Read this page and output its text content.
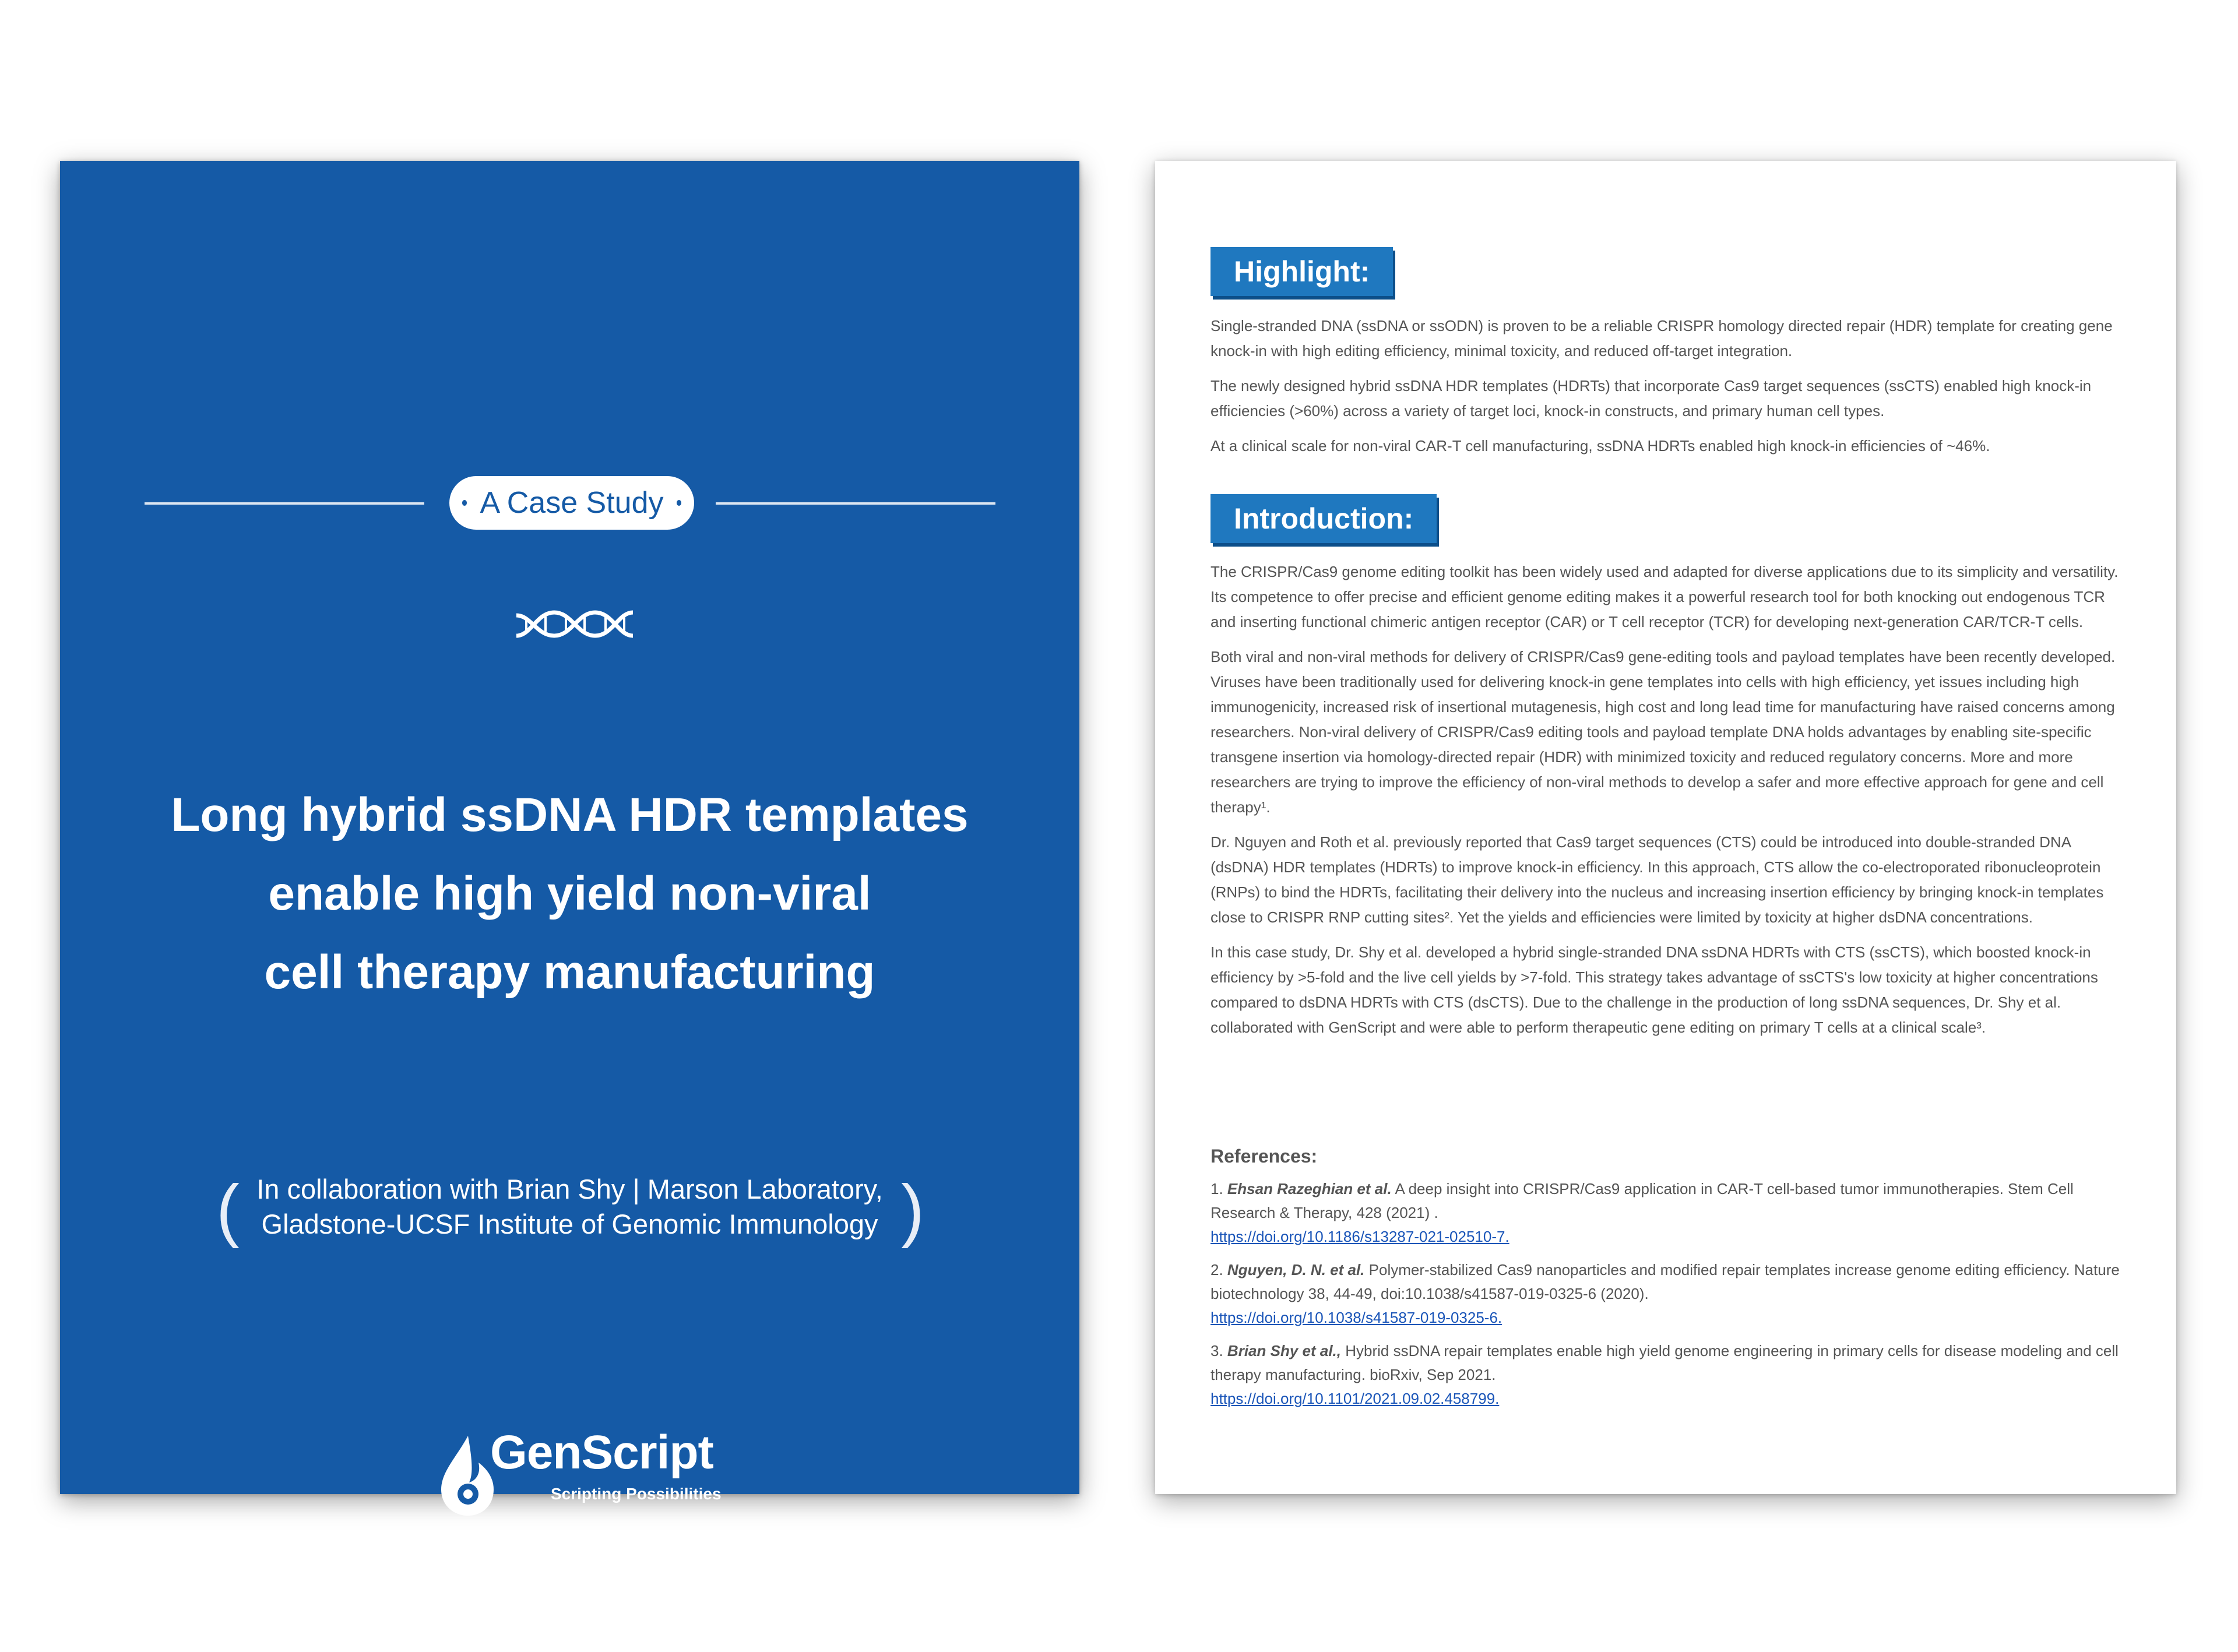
A Case Study
Long hybrid ssDNA HDR templates
enable high yield non-viral
cell therapy manufacturing
( In collaboration with Brian Shy | Marson Laboratory,
Gladstone-UCSF Institute of Genomic Immunology )
GenScript
Scripting Possibilities
Highlight:

Single-stranded DNA (ssDNA or ssODN) is proven to be a reliable CRISPR homology directed repair (HDR) template for creating gene knock-in with high editing efficiency, minimal toxicity, and reduced off-target integration.

The newly designed hybrid ssDNA HDR templates (HDRTs) that incorporate Cas9 target sequences (ssCTS) enabled high knock-in efficiencies (>60%) across a variety of target loci, knock-in constructs, and primary human cell types.

At a clinical scale for non-viral CAR-T cell manufacturing, ssDNA HDRTs enabled high knock-in efficiencies of ~46%.

Introduction:

The CRISPR/Cas9 genome editing toolkit has been widely used and adapted for diverse applications due to its simplicity and versatility. Its competence to offer precise and efficient genome editing makes it a powerful research tool for both knocking out endogenous TCR and inserting functional chimeric antigen receptor (CAR) or T cell receptor (TCR) for developing next-generation CAR/TCR-T cells.

Both viral and non-viral methods for delivery of CRISPR/Cas9 gene-editing tools and payload templates have been recently developed. Viruses have been traditionally used for delivering knock-in gene templates into cells with high efficiency, yet issues including high immunogenicity, increased risk of insertional mutagenesis, high cost and long lead time for manufacturing have raised concerns among researchers. Non-viral delivery of CRISPR/Cas9 editing tools and payload template DNA holds advantages by enabling site-specific transgene insertion via homology-directed repair (HDR) with minimized toxicity and reduced regulatory concerns. More and more researchers are trying to improve the efficiency of non-viral methods to develop a safer and more effective approach for gene and cell therapy¹.

Dr. Nguyen and Roth et al. previously reported that Cas9 target sequences (CTS) could be introduced into double-stranded DNA (dsDNA) HDR templates (HDRTs) to improve knock-in efficiency. In this approach, CTS allow the co-electroporated ribonucleoprotein (RNPs) to bind the HDRTs, facilitating their delivery into the nucleus and increasing insertion efficiency by bringing knock-in templates close to CRISPR RNP cutting sites². Yet the yields and efficiencies were limited by toxicity at higher dsDNA concentrations.

In this case study, Dr. Shy et al. developed a hybrid single-stranded DNA ssDNA HDRTs with CTS (ssCTS), which boosted knock-in efficiency by >5-fold and the live cell yields by >7-fold. This strategy takes advantage of ssCTS's low toxicity at higher concentrations compared to dsDNA HDRTs with CTS (dsCTS). Due to the challenge in the production of long ssDNA sequences, Dr. Shy et al. collaborated with GenScript and were able to perform therapeutic gene editing on primary T cells at a clinical scale³.

References:
1. Ehsan Razeghian et al. A deep insight into CRISPR/Cas9 application in CAR-T cell-based tumor immunotherapies. Stem Cell Research & Therapy, 428 (2021) .
https://doi.org/10.1186/s13287-021-02510-7.
2. Nguyen, D. N. et al. Polymer-stabilized Cas9 nanoparticles and modified repair templates increase genome editing efficiency. Nature biotechnology 38, 44-49, doi:10.1038/s41587-019-0325-6 (2020).
https://doi.org/10.1038/s41587-019-0325-6.
3. Brian Shy et al., Hybrid ssDNA repair templates enable high yield genome engineering in primary cells for disease modeling and cell therapy manufacturing. bioRxiv, Sep 2021.
https://doi.org/10.1101/2021.09.02.458799.
